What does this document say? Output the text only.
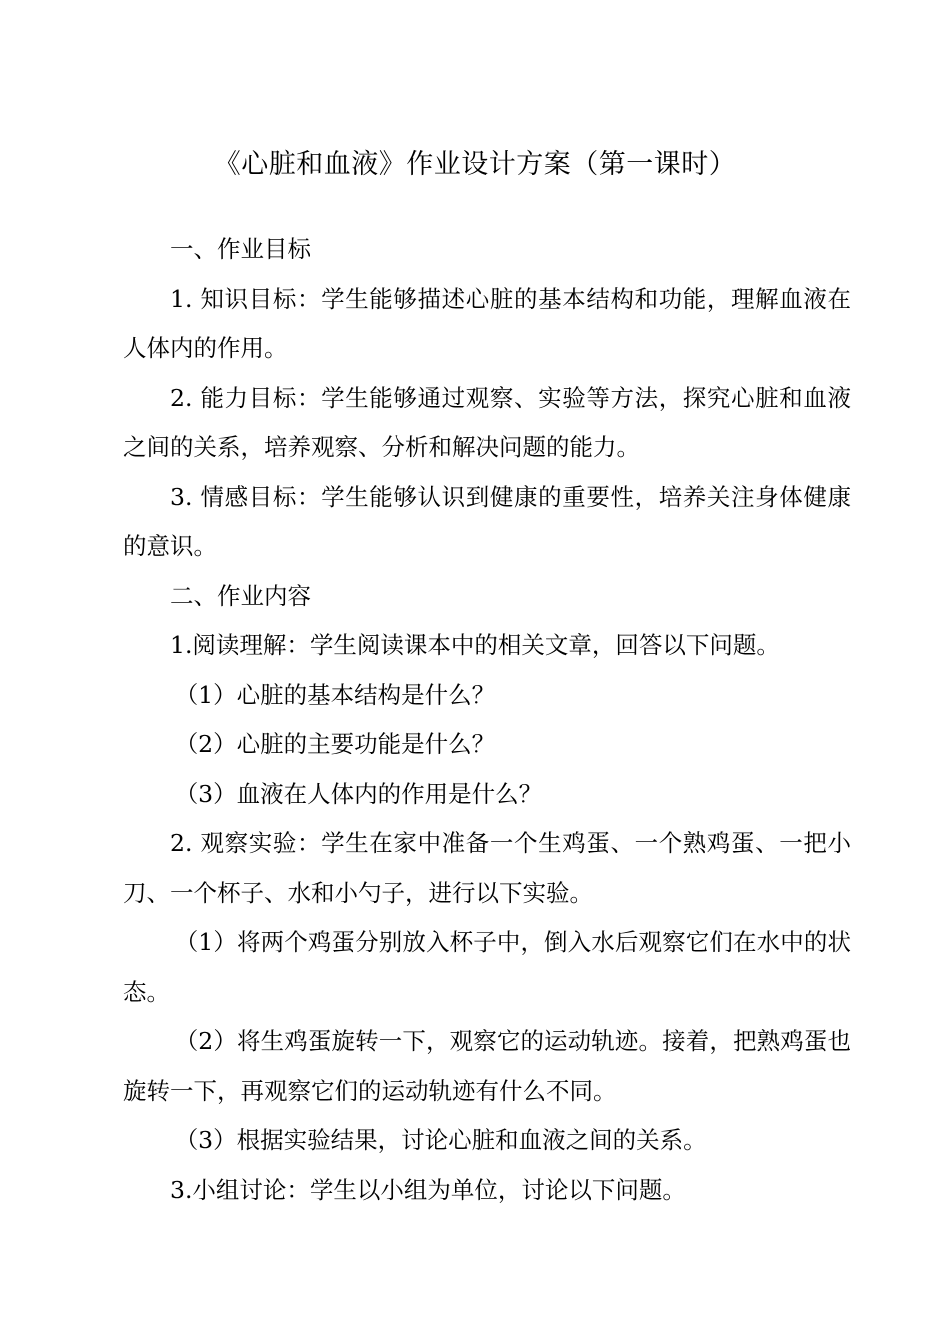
《心脏和血液》作业设计方案（第一课时）

一、作业目标

1. 知识目标：学生能够描述心脏的基本结构和功能，理解血液在人体内的作用。

2. 能力目标：学生能够通过观察、实验等方法，探究心脏和血液之间的关系，培养观察、分析和解决问题的能力。

3. 情感目标：学生能够认识到健康的重要性，培养关注身体健康的意识。

二、作业内容

1.阅读理解：学生阅读课本中的相关文章，回答以下问题。

（1）心脏的基本结构是什么？

（2）心脏的主要功能是什么？

（3）血液在人体内的作用是什么？

2. 观察实验：学生在家中准备一个生鸡蛋、一个熟鸡蛋、一把小刀、一个杯子、水和小勺子，进行以下实验。

（1）将两个鸡蛋分别放入杯子中，倒入水后观察它们在水中的状态。

（2）将生鸡蛋旋转一下，观察它的运动轨迹。接着，把熟鸡蛋也旋转一下，再观察它们的运动轨迹有什么不同。

（3）根据实验结果，讨论心脏和血液之间的关系。

3.小组讨论：学生以小组为单位，讨论以下问题。
